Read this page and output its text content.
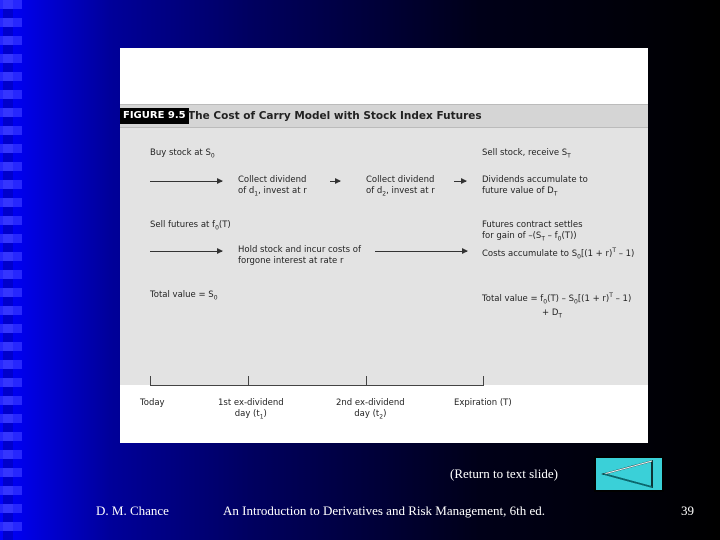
FIGURE 9.5 The Cost of Carry Model with Stock Index Futures
Buy stock at $S_0$	Sell stock, receive $S_T$
Collect dividend
of $d_1$, invest at r
Collect dividend
of $d_2$, invest at r
Dividends accumulate to
future value of $D_T$
Sell futures at $f_0(T)$	Futures contract settles
for gain of $-(S_T - f_0(T))$
Hold stock and incur costs of
forgone interest at rate r
Costs accumulate to $S_0[(1 + r)^T - 1)$
Total value = $S_0$	Total value = $f_0(T) - S_0[(1 + r)^T - 1)$
+ $D_T$
Today	1st ex-dividend
day $(t_1)$
2nd ex-dividend
day $(t_2)$
Expiration (T)
(Return to text slide)
D. M. Chance	An Introduction to Derivatives and Risk Management, 6th ed.	39
